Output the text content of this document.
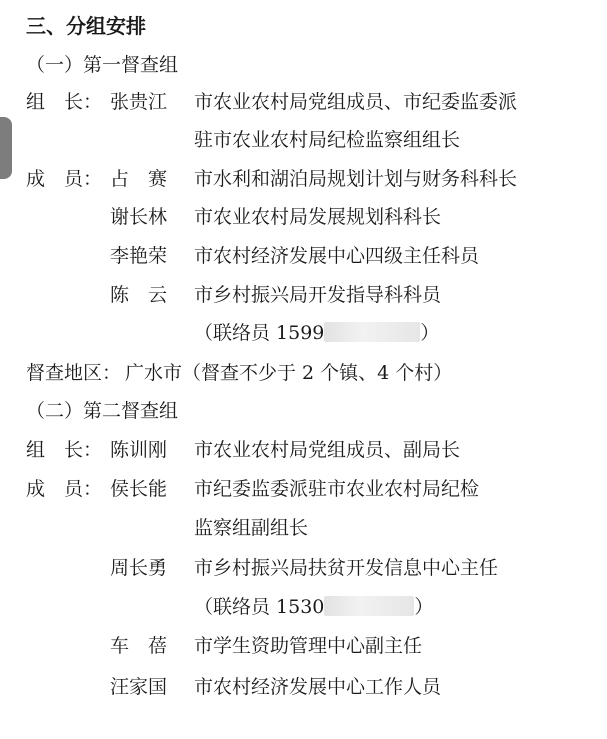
三、分组安排
（一）第一督查组
组　长： 张贵江 市农业农村局党组成员、市纪委监委派
驻市农业农村局纪检监察组组长
成　员： 占　赛 市水利和湖泊局规划计划与财务科科长
谢长林 市农业农村局发展规划科科长
李艳荣 市农村经济发展中心四级主任科员
陈　云 市乡村振兴局开发指导科科员
（联络员 1599	）
督查地区： 广水市（督查不少于 2 个镇、4 个村）
（二）第二督查组
组　长： 陈训刚 市农业农村局党组成员、副局长
成　员： 侯长能 市纪委监委派驻市农业农村局纪检
监察组副组长
周长勇 市乡村振兴局扶贫开发信息中心主任
（联络员 1530	）
车　蓓 市学生资助管理中心副主任
汪家国 市农村经济发展中心工作人员
